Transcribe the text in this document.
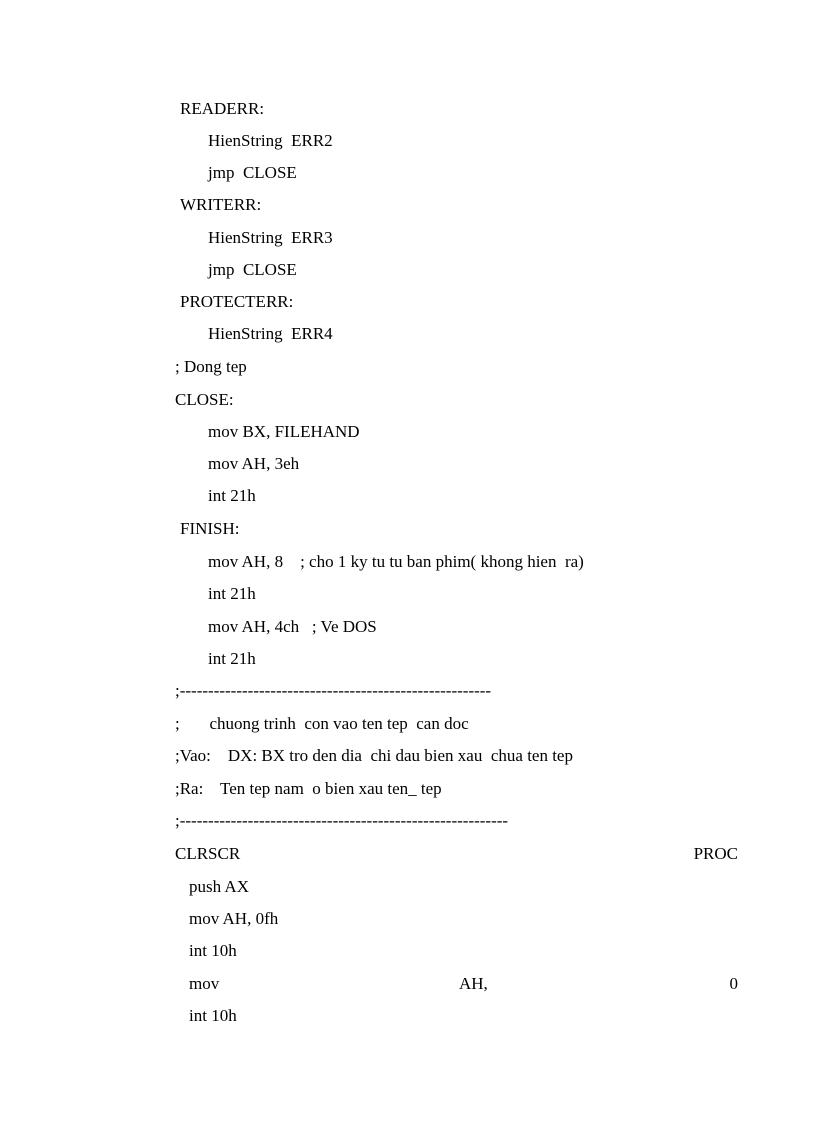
READERR:
HienString  ERR2
jmp  CLOSE
WRITERR:
HienString  ERR3
jmp  CLOSE
PROTECTERR:
HienString  ERR4
; Dong tep
CLOSE:
mov BX, FILEHAND
mov AH, 3eh
int 21h
FINISH:
mov AH, 8    ; cho 1 ky tu tu ban phim( khong hien  ra)
int 21h
mov AH, 4ch   ; Ve DOS
int 21h
;-------------------------------------------------------
;       chuong trinh  con vao ten tep  can doc
;Vao:    DX: BX tro den dia  chi dau bien xau  chua ten tep
;Ra:    Ten tep nam  o bien xau ten_ tep
;----------------------------------------------------------
CLRSCR	PROC
push AX
mov AH, 0fh
int 10h
mov	AH,	0
int 10h
